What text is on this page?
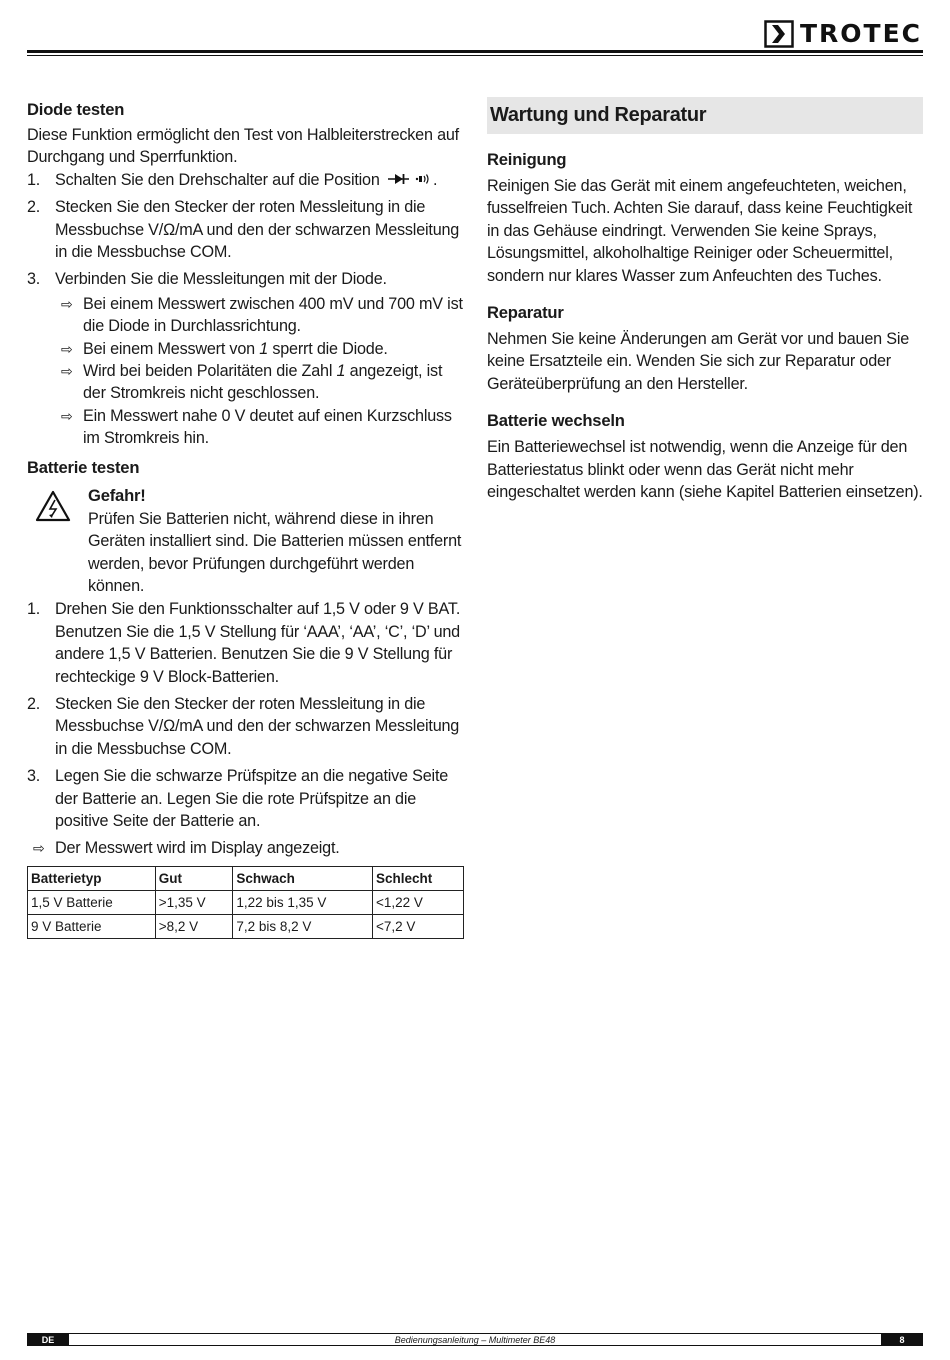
TROTEC
Diode testen

Diese Funktion ermöglicht den Test von Halbleiterstrecken auf Durchgang und Sperrfunktion.

1. Schalten Sie den Drehschalter auf die Position	.
2. Stecken Sie den Stecker der roten Messleitung in die Messbuchse V/Ω/mA und den der schwarzen Messleitung in die Messbuchse COM.
3. Verbinden Sie die Messleitungen mit der Diode.
⇨ Bei einem Messwert zwischen 400 mV und 700 mV ist die Diode in Durchlassrichtung.
⇨ Bei einem Messwert von 1 sperrt die Diode.
⇨ Wird bei beiden Polaritäten die Zahl 1 angezeigt, ist der Stromkreis nicht geschlossen.
⇨ Ein Messwert nahe 0 V deutet auf einen Kurzschluss im Stromkreis hin.
Batterie testen
Gefahr!

Prüfen Sie Batterien nicht, während diese in ihren Geräten installiert sind. Die Batterien müssen entfernt werden, bevor Prüfungen durchgeführt werden können.

1. Drehen Sie den Funktionsschalter auf 1,5 V oder 9 V BAT. Benutzen Sie die 1,5 V Stellung für ‘AAA’, ‘AA’, ‘C’, ‘D’ und andere 1,5 V Batterien. Benutzen Sie die 9 V Stellung für rechteckige 9 V Block-Batterien.
2. Stecken Sie den Stecker der roten Messleitung in die Messbuchse V/Ω/mA und den der schwarzen Messleitung in die Messbuchse COM.
3. Legen Sie die schwarze Prüfspitze an die negative Seite der Batterie an. Legen Sie die rote Prüfspitze an die positive Seite der Batterie an.
⇨ Der Messwert wird im Display angezeigt.
Batterietyp	Gut	Schwach	Schlecht
1,5 V Batterie	>1,35 V	1,22 bis 1,35 V	<1,22 V
9 V Batterie	>8,2 V	7,2 bis 8,2 V	<7,2 V
Wartung und Reparatur
Reinigung

Reinigen Sie das Gerät mit einem angefeuchteten, weichen, fusselfreien Tuch. Achten Sie darauf, dass keine Feuchtigkeit in das Gehäuse eindringt. Verwenden Sie keine Sprays, Lösungsmittel, alkoholhaltige Reiniger oder Scheuermittel, sondern nur klares Wasser zum Anfeuchten des Tuches.

Reparatur

Nehmen Sie keine Änderungen am Gerät vor und bauen Sie keine Ersatzteile ein. Wenden Sie sich zur Reparatur oder Geräteüberprüfung an den Hersteller.

Batterie wechseln

Ein Batteriewechsel ist notwendig, wenn die Anzeige für den Batteriestatus blinkt oder wenn das Gerät nicht mehr eingeschaltet werden kann (siehe Kapitel Batterien einsetzen).

DE	Bedienungsanleitung – Multimeter BE48	8
